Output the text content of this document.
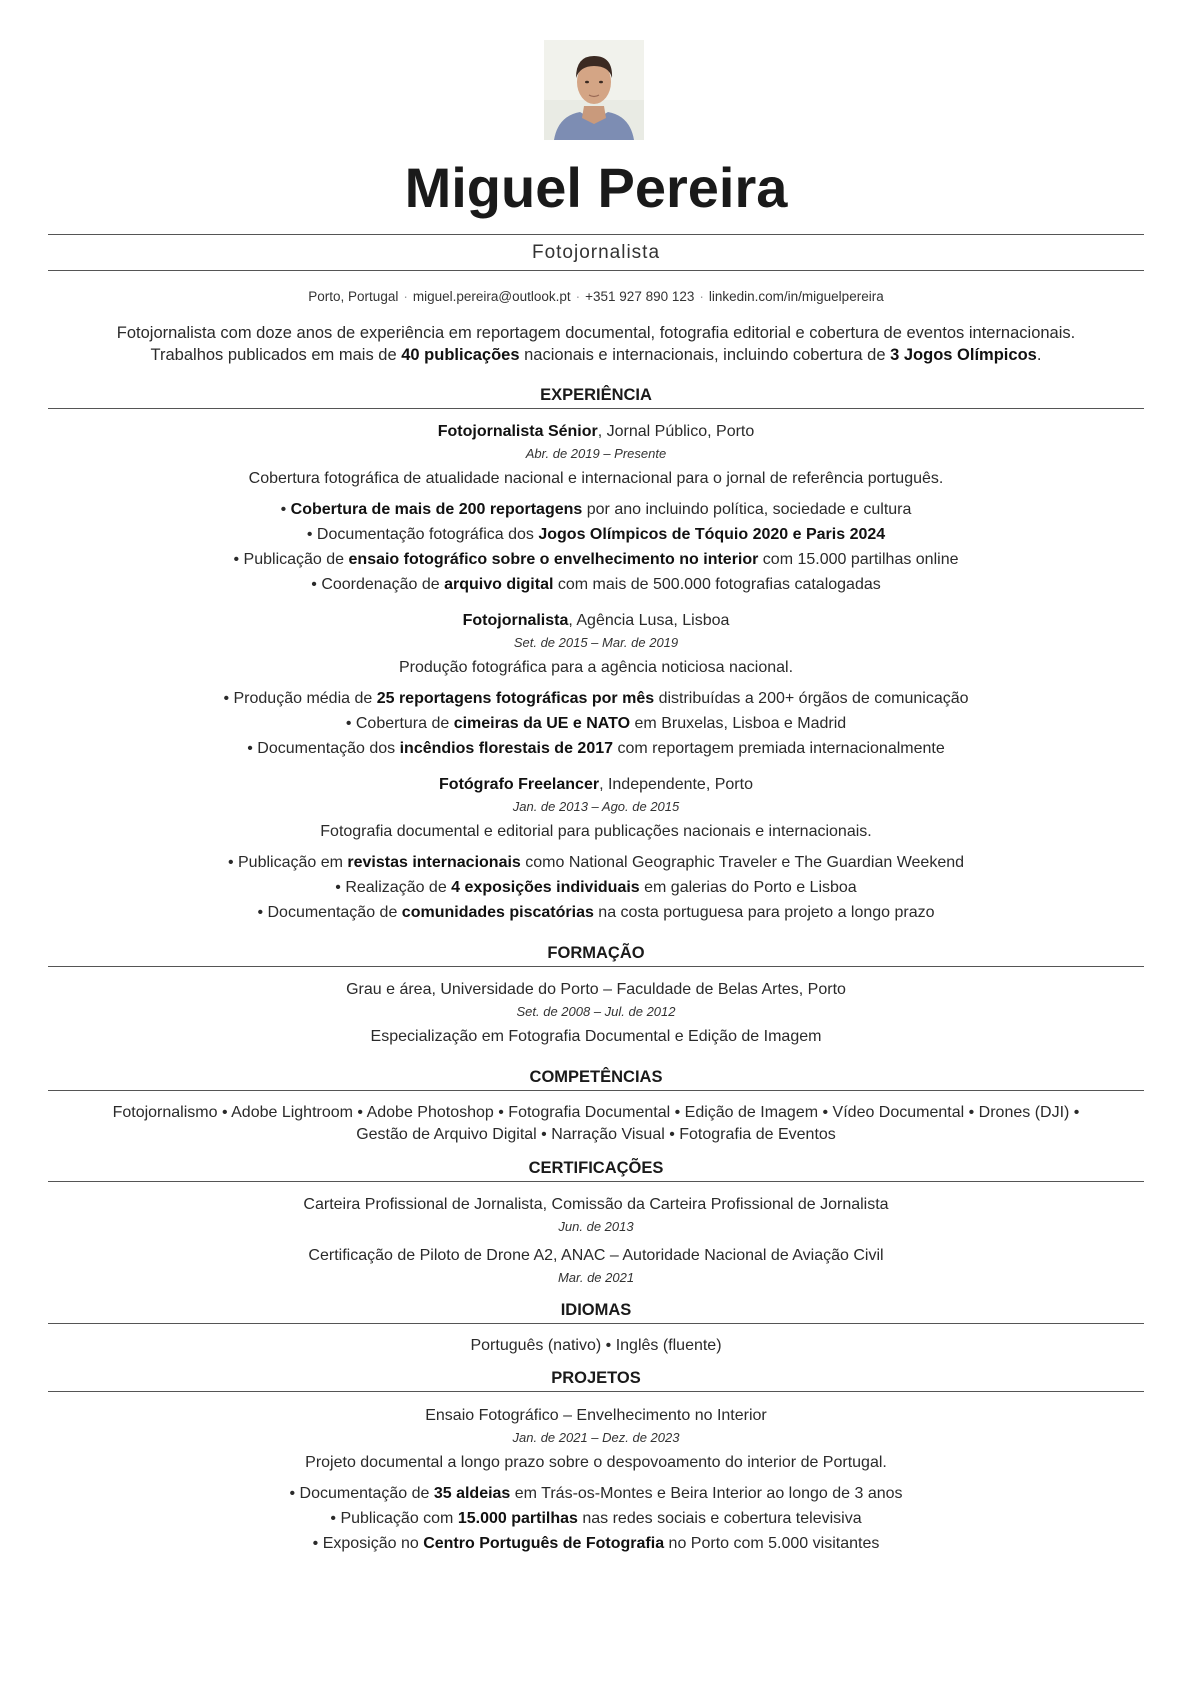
Miguel Pereira
Fotojornalista
Porto, Portugal · miguel.pereira@outlook.pt · +351 927 890 123 · linkedin.com/in/miguelpereira
Fotojornalista com doze anos de experiência em reportagem documental, fotografia editorial e cobertura de eventos internacionais.
Trabalhos publicados em mais de 40 publicações nacionais e internacionais, incluindo cobertura de 3 Jogos Olímpicos.
EXPERIÊNCIA
Fotojornalista Sénior, Jornal Público, Porto
Abr. de 2019 – Presente
Cobertura fotográfica de atualidade nacional e internacional para o jornal de referência português.
• Cobertura de mais de 200 reportagens por ano incluindo política, sociedade e cultura
• Documentação fotográfica dos Jogos Olímpicos de Tóquio 2020 e Paris 2024
• Publicação de ensaio fotográfico sobre o envelhecimento no interior com 15.000 partilhas online
• Coordenação de arquivo digital com mais de 500.000 fotografias catalogadas
Fotojornalista, Agência Lusa, Lisboa
Set. de 2015 – Mar. de 2019
Produção fotográfica para a agência noticiosa nacional.
• Produção média de 25 reportagens fotográficas por mês distribuídas a 200+ órgãos de comunicação
• Cobertura de cimeiras da UE e NATO em Bruxelas, Lisboa e Madrid
• Documentação dos incêndios florestais de 2017 com reportagem premiada internacionalmente
Fotógrafo Freelancer, Independente, Porto
Jan. de 2013 – Ago. de 2015
Fotografia documental e editorial para publicações nacionais e internacionais.
• Publicação em revistas internacionais como National Geographic Traveler e The Guardian Weekend
• Realização de 4 exposições individuais em galerias do Porto e Lisboa
• Documentação de comunidades piscatórias na costa portuguesa para projeto a longo prazo
FORMAÇÃO
Grau e área, Universidade do Porto – Faculdade de Belas Artes, Porto
Set. de 2008 – Jul. de 2012
Especialização em Fotografia Documental e Edição de Imagem
COMPETÊNCIAS
Fotojornalismo • Adobe Lightroom • Adobe Photoshop • Fotografia Documental • Edição de Imagem • Vídeo Documental • Drones (DJI) •
Gestão de Arquivo Digital • Narração Visual • Fotografia de Eventos
CERTIFICAÇÕES
Carteira Profissional de Jornalista, Comissão da Carteira Profissional de Jornalista
Jun. de 2013
Certificação de Piloto de Drone A2, ANAC – Autoridade Nacional de Aviação Civil
Mar. de 2021
IDIOMAS
Português (nativo) • Inglês (fluente)
PROJETOS
Ensaio Fotográfico – Envelhecimento no Interior
Jan. de 2021 – Dez. de 2023
Projeto documental a longo prazo sobre o despovoamento do interior de Portugal.
• Documentação de 35 aldeias em Trás-os-Montes e Beira Interior ao longo de 3 anos
• Publicação com 15.000 partilhas nas redes sociais e cobertura televisiva
• Exposição no Centro Português de Fotografia no Porto com 5.000 visitantes
